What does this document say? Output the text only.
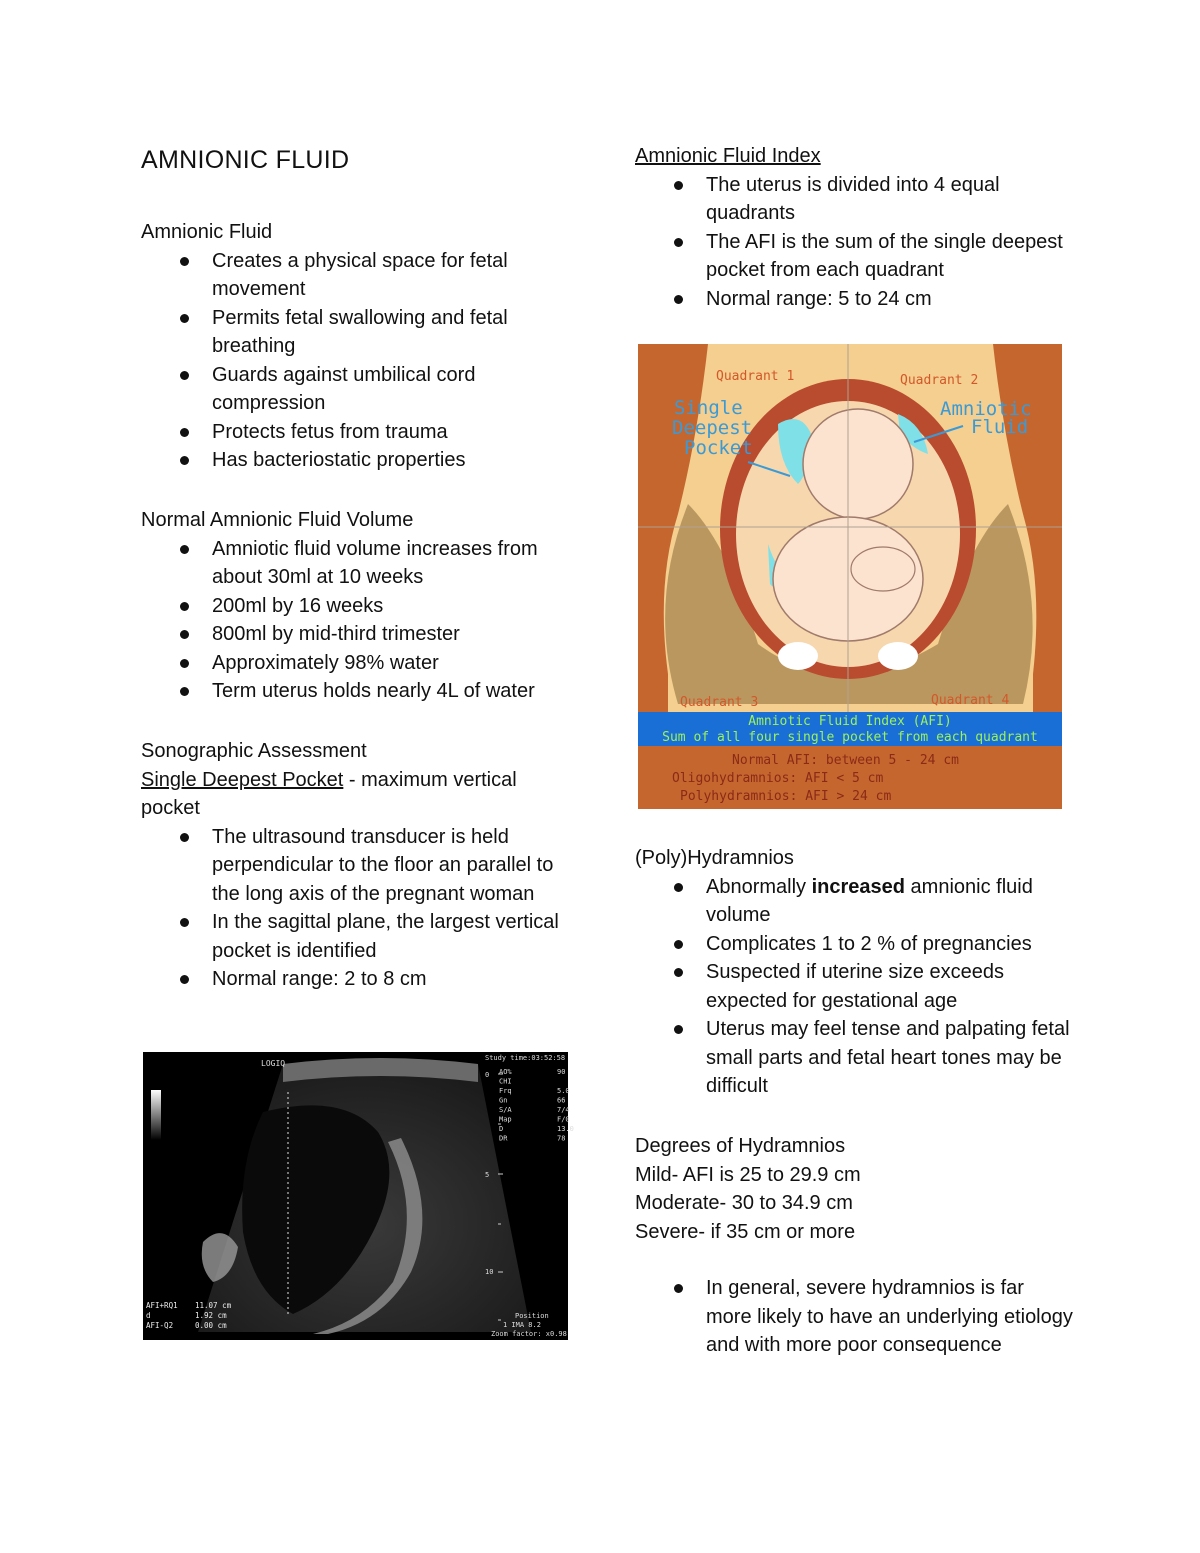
AMNIONIC FLUID
Amnionic Fluid
Creates a physical space for fetal movement
Permits fetal swallowing and fetal breathing
Guards against umbilical cord compression
Protects fetus from trauma
Has bacteriostatic properties
Normal Amnionic Fluid Volume
Amniotic fluid volume increases from about 30ml at 10 weeks
200ml by 16 weeks
800ml by mid-third trimester
Approximately 98% water
Term uterus holds nearly 4L of water
Sonographic Assessment
Single Deepest Pocket - maximum vertical pocket
The ultrasound transducer is held perpendicular to the floor an parallel to the long axis of the pregnant woman
In the sagittal plane, the largest vertical pocket is identified
Normal range: 2 to 8 cm
LOGIQ
Study time:03:52:58
AO%	90
CHI
Frq	5.0
Gn	66
S/A	7/4
Map	F/0
D	13.0
DR	78
0
5
10
AFI+RQ1 11.07 cm
d	1.92 cm
AFI-Q2	0.00 cm
Position
1 IMA 8.2
Zoom factor: x0.98
Amnionic Fluid Index
The uterus is divided into 4 equal quadrants
The AFI is the sum of the single deepest pocket from each quadrant
Normal range: 5 to 24 cm
Quadrant 1	Quadrant 2
Quadrant 3	Quadrant 4
Single
Deepest
Pocket
Amniotic
Fluid
Amniotic Fluid Index (AFI)
Sum of all four single pocket from each quadrant
Normal AFI: between 5 - 24 cm
Oligohydramnios: AFI < 5 cm
Polyhydramnios: AFI > 24 cm
(Poly)Hydramnios
Abnormally increased amnionic fluid volume
Complicates 1 to 2 % of pregnancies
Suspected if uterine size exceeds expected for gestational age
Uterus may feel tense and palpating fetal small parts and fetal heart tones may be difficult
Degrees of Hydramnios
Mild- AFI is 25 to 29.9 cm
Moderate- 30 to 34.9 cm
Severe- if 35 cm or more
In general, severe hydramnios is far more likely to have an underlying etiology and with more poor consequence
